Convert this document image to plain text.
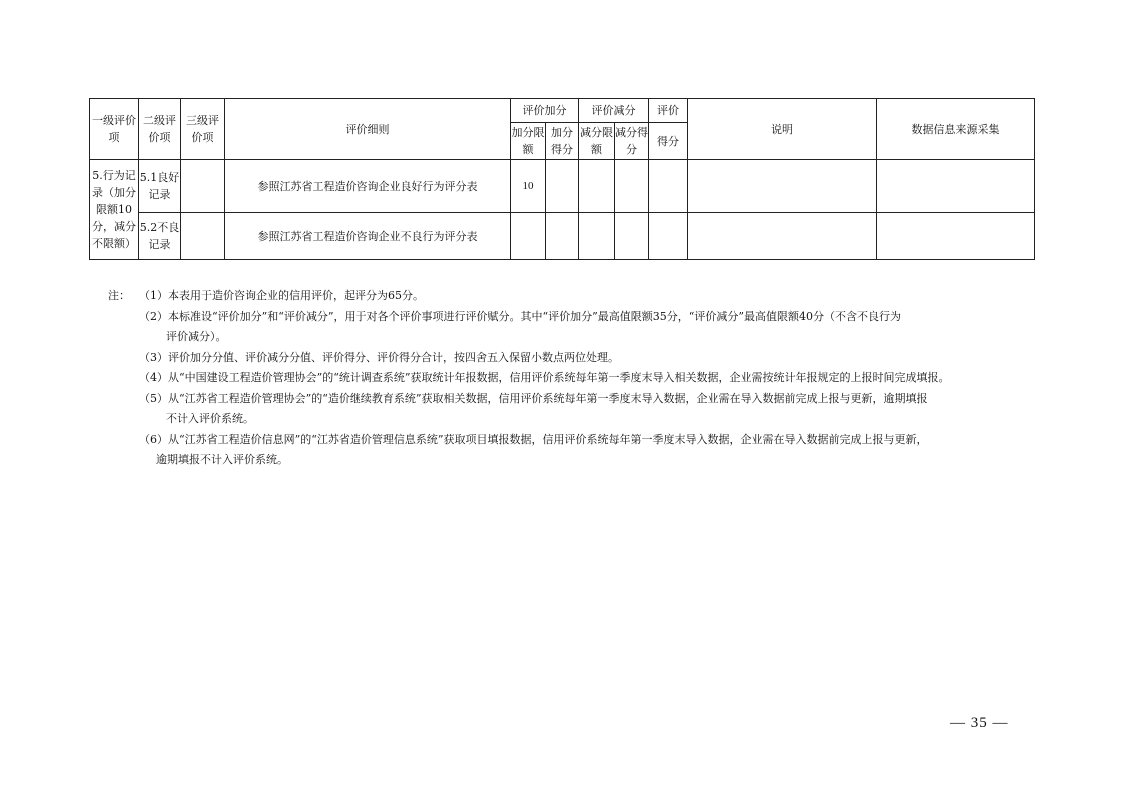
一级评价项	二级评价项	三级评价项	评价细则	评价加分		评价减分		评价	说明	数据信息来源采集
				加分限额	加分得分	减分限额	减分得分	得分		
5.行为记录（加分限额10分，减分不限额）	5.1良好记录		参照江苏省工程造价咨询企业良好行为评分表	10						
	5.2不良记录		参照江苏省工程造价咨询企业不良行为评分表							
注： （1）本表用于造价咨询企业的信用评价，起评分为65分。
（2）本标准设“评价加分”和“评价减分”，用于对各个评价事项进行评价赋分。其中“评价加分”最高值限额35分，“评价减分”最高值限额40分（不含不良行为
评价减分）。
（3）评价加分分值、评价减分分值、评价得分、评价得分合计，按四舍五入保留小数点两位处理。
（4）从“中国建设工程造价管理协会”的“统计调查系统”获取统计年报数据，信用评价系统每年第一季度末导入相关数据，企业需按统计年报规定的上报时间完成填报。
（5）从“江苏省工程造价管理协会”的“造价继续教育系统”获取相关数据，信用评价系统每年第一季度末导入数据，企业需在导入数据前完成上报与更新，逾期填报
不计入评价系统。
（6）从“江苏省工程造价信息网”的“江苏省造价管理信息系统”获取项目填报数据，信用评价系统每年第一季度末导入数据，企业需在导入数据前完成上报与更新，
逾期填报不计入评价系统。
— 35 —
